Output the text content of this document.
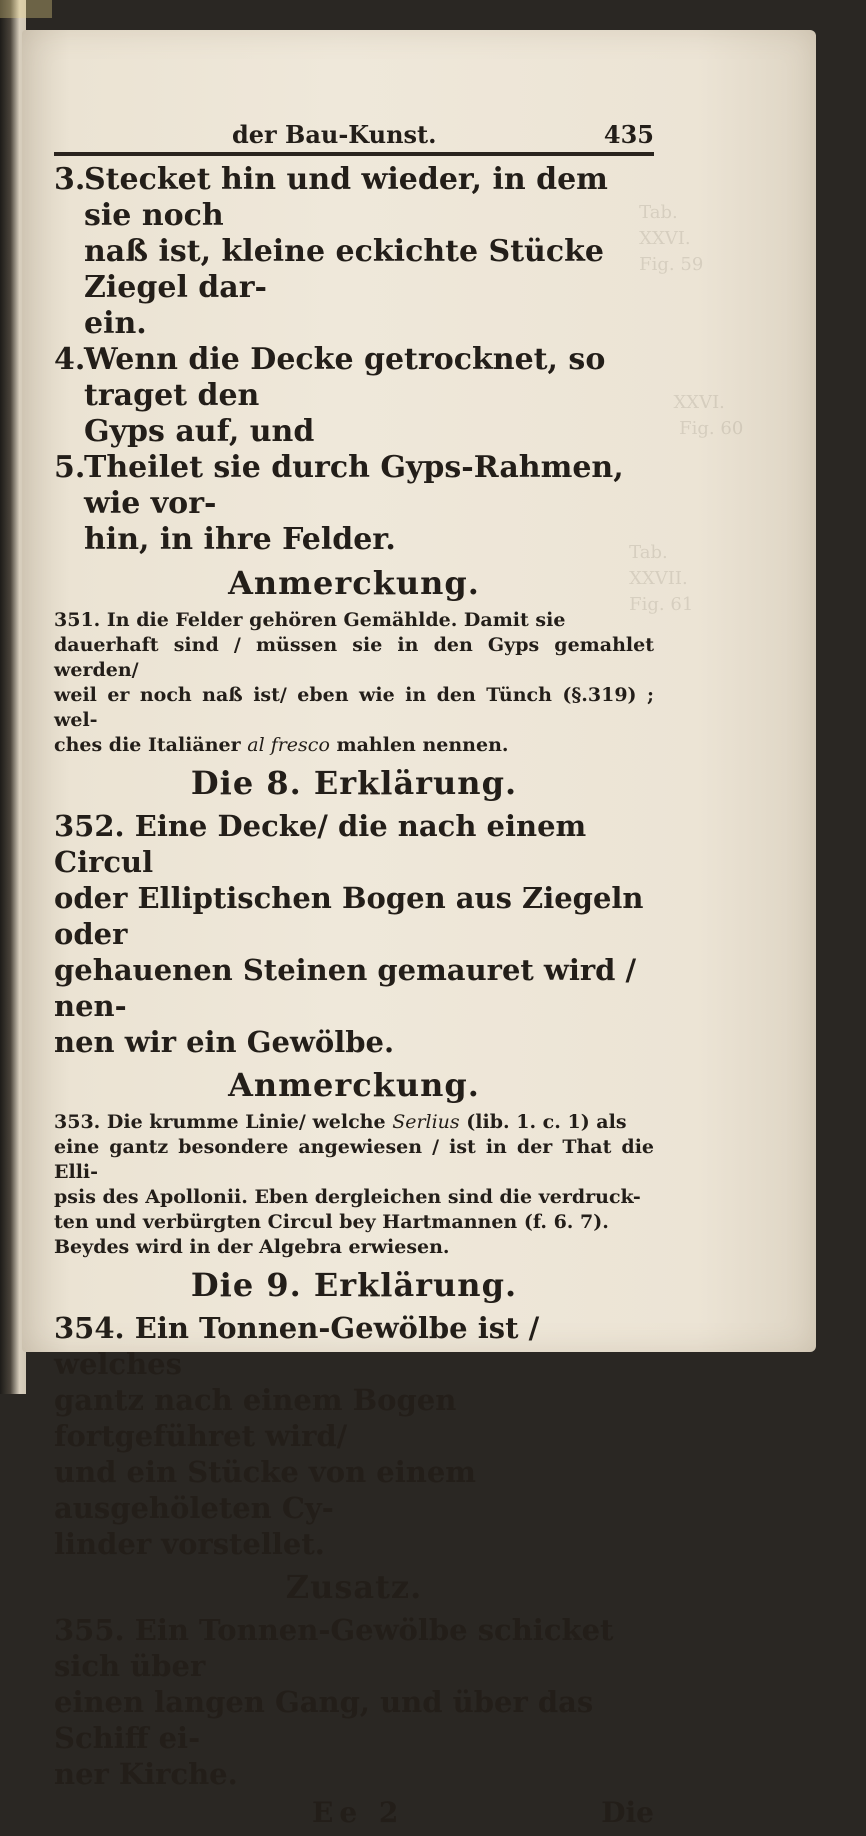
Tab.
XXVI.
Fig. 59
XXVI.
Fig. 60
Tab.
XXVII.
Fig. 61
der Bau-Kunst.	435
3.
Stecket hin und wieder, in dem sie noch
naß ist, kleine eckichte Stücke Ziegel dar-
ein.
4.
Wenn die Decke getrocknet, so traget den
Gyps auf, und
5.
Theilet sie durch Gyps-Rahmen, wie vor-
hin, in ihre Felder.
Anmerckung.

351. In die Felder gehören Gemählde. Damit sie
dauerhaft sind / müssen sie in den Gyps gemahlet werden/
weil er noch naß ist/ eben wie in den Tünch (§.319) ; wel-
ches die Italiäner al fresco mahlen nennen.

Die 8. Erklärung.

352. Eine Decke/ die nach einem Circul
oder Elliptischen Bogen aus Ziegeln oder
gehauenen Steinen gemauret wird / nen-
nen wir ein Gewölbe.

Anmerckung.

353. Die krumme Linie/ welche Serlius (lib. 1. c. 1) als
eine gantz besondere angewiesen / ist in der That die Elli-
psis des Apollonii. Eben dergleichen sind die verdruck-
ten und verbürgten Circul bey Hartmannen (f. 6. 7).
Beydes wird in der Algebra erwiesen.

Die 9. Erklärung.

354. Ein Tonnen-Gewölbe ist / welches
gantz nach einem Bogen fortgeführet wird/
und ein Stücke von einem ausgehöleten Cy-
linder vorstellet.

Zusatz.

355. Ein Tonnen-Gewölbe schicket sich über
einen langen Gang, und über das Schiff ei-
ner Kirche.

Ee 2	Die
